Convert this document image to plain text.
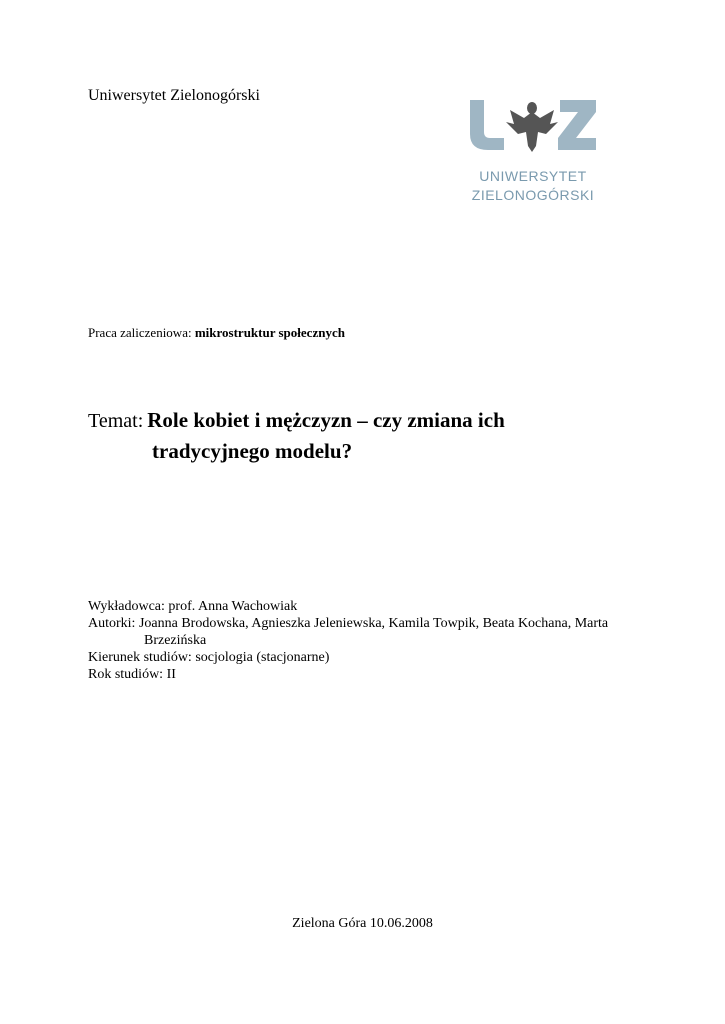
Uniwersytet Zielonogórski
UNIWERSYTET
ZIELONOGÓRSKI
Praca zaliczeniowa: mikrostruktur społecznych
Temat: Role kobiet i mężczyzn – czy zmiana ich
tradycyjnego modelu?
Wykładowca: prof. Anna Wachowiak
Autorki: Joanna Brodowska, Agnieszka Jeleniewska, Kamila Towpik, Beata Kochana, Marta
Brzezińska
Kierunek studiów: socjologia (stacjonarne)
Rok studiów: II
Zielona Góra 10.06.2008
